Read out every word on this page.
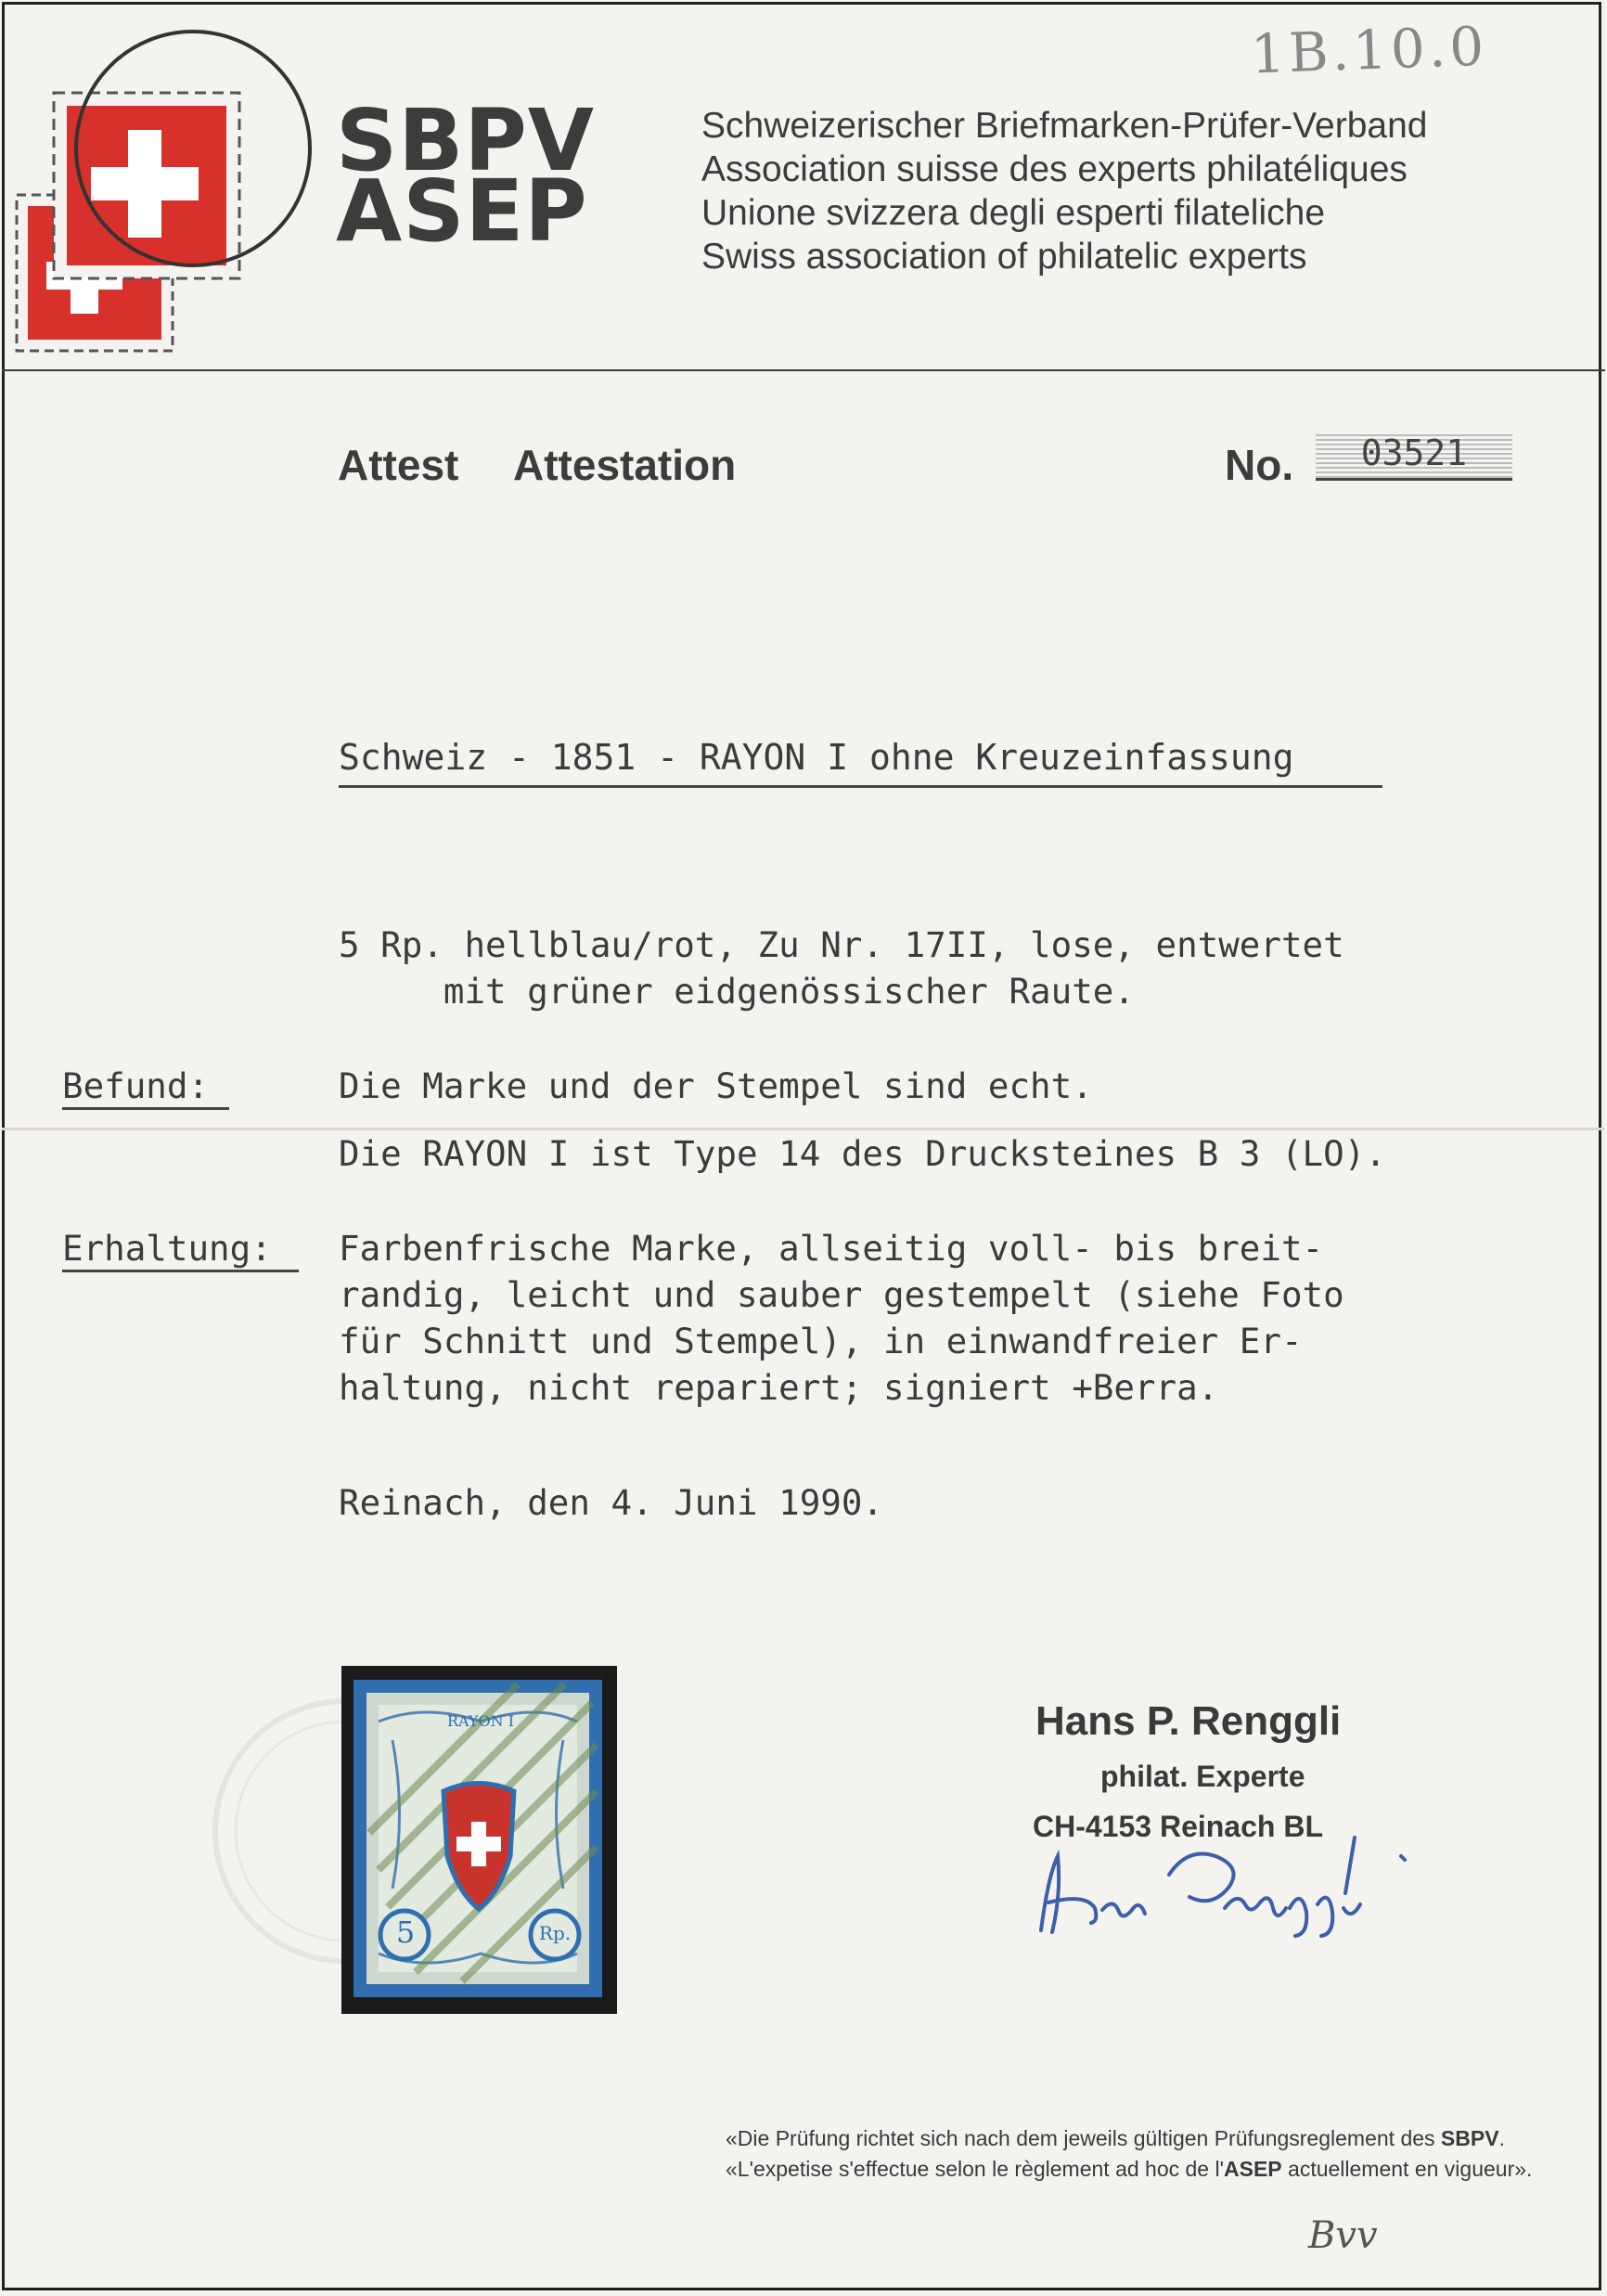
1B.10.0
SBPV
ASEP
Schweizerischer Briefmarken-Prüfer-Verband
Association suisse des experts philatéliques
Unione svizzera degli esperti filateliche
Swiss association of philatelic experts
Attest Attestation	No.	03521
Schweiz - 1851 - RAYON I ohne Kreuzeinfassung
5 Rp. hellblau/rot, Zu Nr. 17II, lose, entwertet
mit grüner eidgenössischer Raute.
Befund:	Die Marke und der Stempel sind echt.
Die RAYON I ist Type 14 des Drucksteines B 3 (LO).
Erhaltung: Farbenfrische Marke, allseitig voll- bis breit-
randig, leicht und sauber gestempelt (siehe Foto
für Schnitt und Stempel), in einwandfreier Er-
haltung, nicht repariert; signiert +Berra.
Reinach, den 4. Juni 1990.
RAYON I
5	Rp.
Hans P. Renggli
philat. Experte
CH-4153 Reinach BL
«Die Prüfung richtet sich nach dem jeweils gültigen Prüfungsreglement des SBPV.
«L'expetise s'effectue selon le règlement ad hoc de l'ASEP actuellement en vigueur».
Bvv
